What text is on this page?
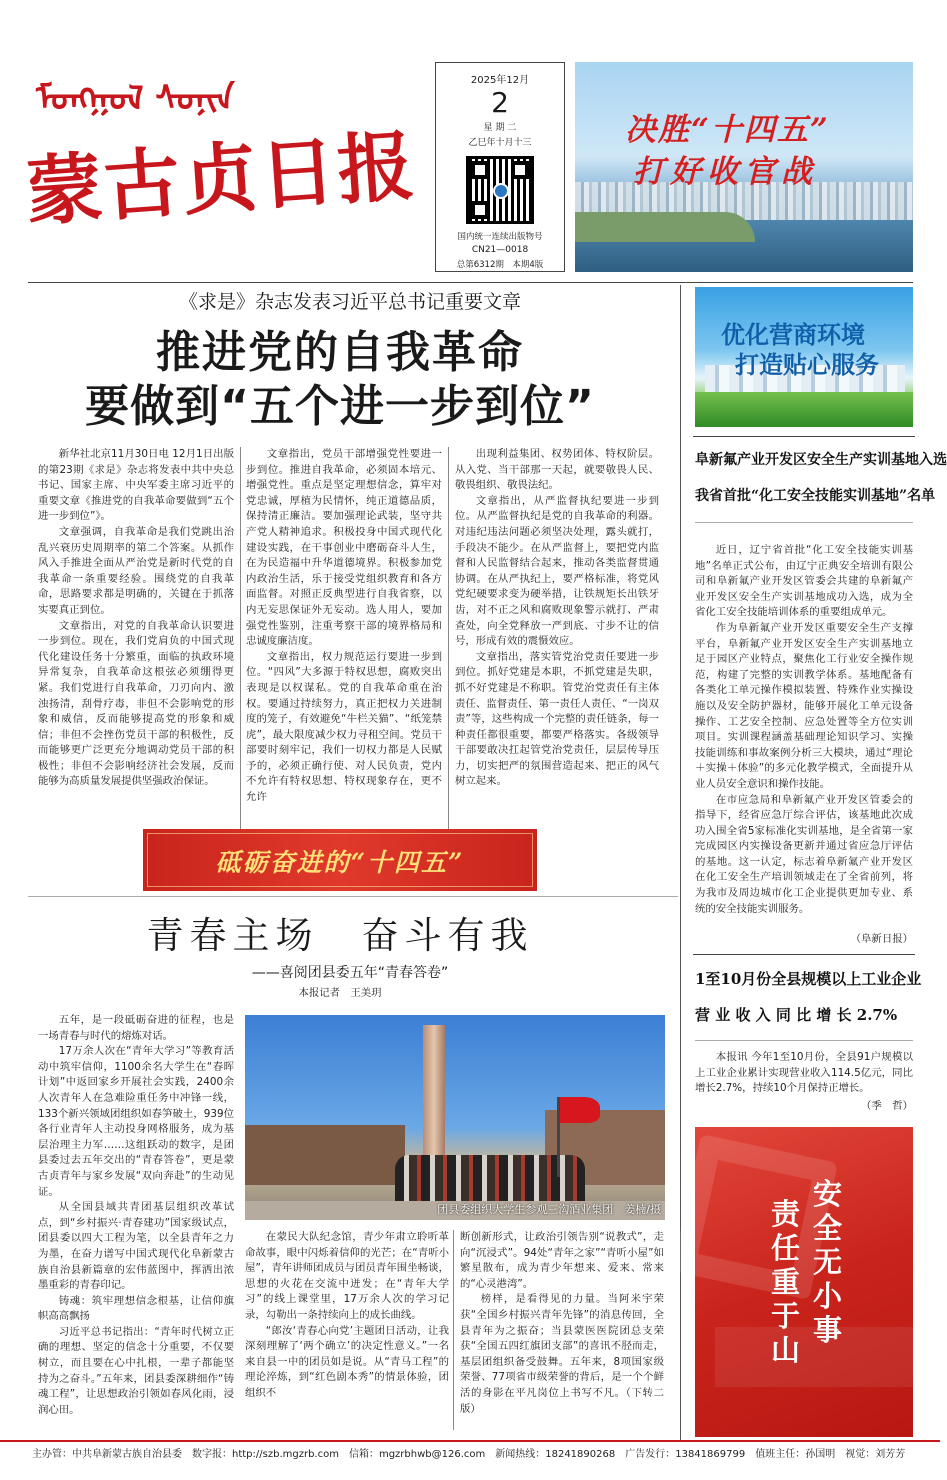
ᠮᠣᠩᠭᠣᠯ ᠰᠣᠨᠢᠨ
蒙古贞日报
2025年12月
2
星 期 二
乙巳年十月十三
国内统一连续出版物号
CN21—0018
总第6312期　本期4版
决胜“十四五”
打好收官战
《求是》杂志发表习近平总书记重要文章
推进党的自我革命
要做到“五个进一步到位”

新华社北京11月30日电 12月1日出版的第23期《求是》杂志将发表中共中央总书记、国家主席、中央军委主席习近平的重要文章《推进党的自我革命要做到“五个进一步到位”》。

文章强调，自我革命是我们党跳出治乱兴衰历史周期率的第二个答案。从抓作风入手推进全面从严治党是新时代党的自我革命一条重要经验。围绕党的自我革命，思路要求都是明确的，关键在于抓落实要真正到位。

文章指出，对党的自我革命认识要进一步到位。现在，我们党肩负的中国式现代化建设任务十分繁重，面临的执政环境异常复杂，自我革命这根弦必须绷得更紧。我们党进行自我革命，刀刃向内、激浊扬清，刮骨疗毒，非但不会影响党的形象和威信，反而能够提高党的形象和威信；非但不会挫伤党员干部的积极性，反而能够更广泛更充分地调动党员干部的积极性；非但不会影响经济社会发展，反而能够为高质量发展提供坚强政治保证。

文章指出，党员干部增强党性要进一步到位。推进自我革命，必须固本培元、增强党性。重点是坚定理想信念，算牢对党忠诚，厚植为民情怀，纯正道德品质，保持清正廉洁。要加强理论武装，坚守共产党人精神追求。积极投身中国式现代化建设实践，在干事创业中磨砺奋斗人生，在为民造福中升华道德境界。积极参加党内政治生活，乐于接受党组织教育和各方面监督。对照正反典型进行自我省察，以内无妄思保证外无妄动。选人用人，要加强党性鉴别，注重考察干部的境界格局和忠诚度廉洁度。

文章指出，权力规范运行要进一步到位。“四风”大多源于特权思想，腐败突出表现是以权谋私。党的自我革命重在治权。要通过持续努力，真正把权力关进制度的笼子，有效避免“牛栏关猫”、“纸笼禁虎”，最大限度减少权力寻租空间。党员干部要时刻牢记，我们一切权力都是人民赋予的，必须正确行使、对人民负责，党内不允许有特权思想、特权现象存在，更不允许

出现利益集团、权势团体、特权阶层。从入党、当干部那一天起，就要敬畏人民、敬畏组织、敬畏法纪。

文章指出，从严监督执纪要进一步到位。从严监督执纪是党的自我革命的利器。对违纪违法问题必须坚决处理，露头就打，手段决不能少。在从严监督上，要把党内监督和人民监督结合起来，推动各类监督贯通协调。在从严执纪上，要严格标准，将党风党纪硬要求变为硬举措，让铁规矩长出铁牙齿，对不正之风和腐败现象警示就打、严肃查处，向全党释放一严到底、寸步不让的信号，形成有效的震慑效应。

文章指出，落实管党治党责任要进一步到位。抓好党建是本职，不抓党建是失职，抓不好党建是不称职。管党治党责任有主体责任、监督责任、第一责任人责任、“一岗双责”等，这些构成一个完整的责任链条，每一种责任都很重要，都要严格落实。各级领导干部要敢决扛起管党治党责任，层层传导压力，切实把严的氛围营造起来、把正的风气树立起来。

优化营商环境
打造贴心服务
阜新氟产业开发区安全生产实训基地入选
我省首批“化工安全技能实训基地”名单

近日，辽宁省首批“化工安全技能实训基地”名单正式公布，由辽宁正典安全培训有限公司和阜新氟产业开发区管委会共建的阜新氟产业开发区安全生产实训基地成功入选，成为全省化工安全技能培训体系的重要组成单元。

作为阜新氟产业开发区重要安全生产支撑平台，阜新氟产业开发区安全生产实训基地立足于园区产业特点，聚焦化工行业安全操作规范，构建了完整的实训教学体系。基地配备有各类化工单元操作模拟装置、特殊作业实操设施以及安全防护器材，能够开展化工单元设备操作、工艺安全控制、应急处置等全方位实训项目。实训课程涵盖基础理论知识学习、实操技能训练和事故案例分析三大模块，通过“理论＋实操＋体验”的多元化教学模式，全面提升从业人员安全意识和操作技能。

在市应急局和阜新氟产业开发区管委会的指导下，经省应急厅综合评估，该基地此次成功入围全省5家标准化实训基地，是全省第一家完成园区内实操设备更新并通过省应急厅评估的基地。这一认定，标志着阜新氟产业开发区在化工安全生产培训领域走在了全省前列，将为我市及周边城市化工企业提供更加专业、系统的安全技能实训服务。

（阜新日报）
1至10月份全县规模以上工业企业
营 业 收 入 同 比 增 长 2.7%
本报讯 今年1至10月份，全县91户规模以上工业企业累计实现营业收入114.5亿元，同比增长2.7%，持续10个月保持正增长。
（季　哲）
安全无小事
责任重于山
砥砺奋进的“十四五”
青春主场　奋斗有我
——喜阅团县委五年“青春答卷”
本报记者　王美玥

五年，是一段砥砺奋进的征程，也是一场青春与时代的熔炼对话。

17万余人次在“青年大学习”等教育活动中筑牢信仰，1100余名大学生在“春晖计划”中返回家乡开展社会实践，2400余人次青年人在急难险重任务中冲锋一线，133个新兴领域团组织如春笋破土，939位各行业青年人主动投身网格服务，成为基层治理主力军……这组跃动的数字，是团县委过去五年交出的“青春答卷”，更是蒙古贞青年与家乡发展“双向奔赴”的生动见证。

从全国县域共青团基层组织改革试点，到“乡村振兴·青春建功”国家级试点，团县委以四大工程为笔，以全县青年之力为墨，在奋力谱写中国式现代化阜新蒙古族自治县新篇章的宏伟蓝图中，挥洒出浓墨重彩的青春印记。

铸魂：筑牢理想信念根基，让信仰旗帜高高飘扬

习近平总书记指出：“青年时代树立正确的理想、坚定的信念十分重要，不仅要树立，而且要在心中扎根，一辈子都能坚持为之奋斗。”五年来，团县委深耕细作“铸魂工程”，让思想政治引领如春风化雨，浸润心田。

团县委组织大学生参观三沟酒业集团　姜楠/摄

在蒙民大队纪念馆，青少年肃立聆听革命故事，眼中闪烁着信仰的光芒；在“青听小屋”，青年讲师团成员与团员青年围坐畅谈，思想的火花在交流中迸发；在“青年大学习”的线上课堂里，17万余人次的学习记录，勾勒出一条持续向上的成长曲线。

“郎汝‘青春心向党’主题团日活动，让我深刻理解了‘两个确立’的决定性意义。”一名来自县一中的团员如是说。从“青马工程”的理论淬炼，到“红色剧本秀”的情景体验，团组织不

断创新形式，让政治引领告别“说教式”，走向“沉浸式”。94处“青年之家”“青听小屋”如繁星散布，成为青少年想来、爱来、常来的“心灵港湾”。

榜样，是看得见的力量。当阿米宇荣获“全国乡村振兴青年先锋”的消息传回，全县青年为之振奋；当县蒙医医院团总支荣获“全国五四红旗团支部”的喜讯不胫而走，基层团组织备受鼓舞。五年来，8项国家级荣誉、77项省市级荣誉的背后，是一个个鲜活的身影在平凡岗位上书写不凡。（下转二版）

主办管：中共阜新蒙古族自治县委　数字报：http://szb.mgzrb.com　信箱：mgzrbhwb@126.com　新闻热线：18241890268　广告发行：13841869799　值班主任：孙国明　视觉：刘芳芳
